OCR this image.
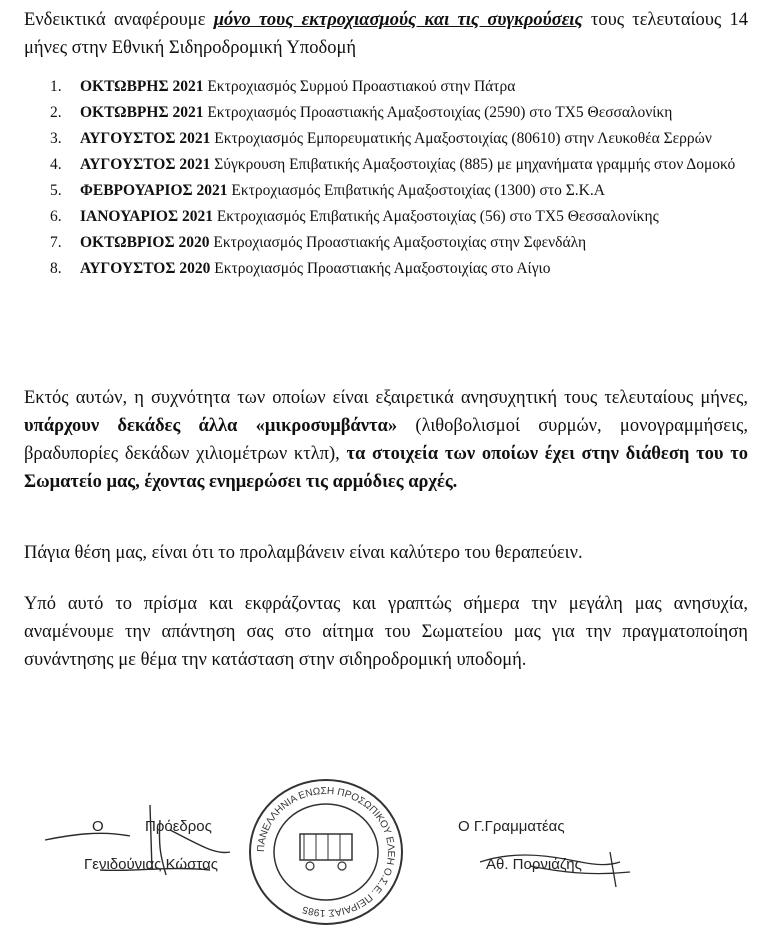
Ενδεικτικά αναφέρουμε μόνο τους εκτροχιασμούς και τις συγκρούσεις τους τελευταίους 14 μήνες στην Εθνική Σιδηροδρομική Υποδομή
1. ΟΚΤΩΒΡΗΣ 2021 Εκτροχιασμός Συρμού Προαστιακού στην Πάτρα
2. ΟΚΤΩΒΡΗΣ 2021 Εκτροχιασμός Προαστιακής Αμαξοστοιχίας (2590) στο ΤΧ5 Θεσσαλονίκη
3. ΑΥΓΟΥΣΤΟΣ 2021 Εκτροχιασμός Εμπορευματικής Αμαξοστοιχίας (80610) στην Λευκοθέα Σερρών
4. ΑΥΓΟΥΣΤΟΣ 2021 Σύγκρουση Επιβατικής Αμαξοστοιχίας (885) με μηχανήματα γραμμής στον Δομοκό
5. ΦΕΒΡΟΥΑΡΙΟΣ 2021 Εκτροχιασμός Επιβατικής Αμαξοστοιχίας (1300) στο Σ.Κ.Α
6. ΙΑΝΟΥΑΡΙΟΣ 2021 Εκτροχιασμός Επιβατικής Αμαξοστοιχίας (56) στο ΤΧ5 Θεσσαλονίκης
7. ΟΚΤΩΒΡΙΟΣ 2020 Εκτροχιασμός Προαστιακής Αμαξοστοιχίας στην Σφενδάλη
8. ΑΥΓΟΥΣΤΟΣ 2020 Εκτροχιασμός Προαστιακής Αμαξοστοιχίας στο Αίγιο
Εκτός αυτών, η συχνότητα των οποίων είναι εξαιρετικά ανησυχητική τους τελευταίους μήνες, υπάρχουν δεκάδες άλλα «μικροσυμβάντα» (λιθοβολισμοί συρμών, μονογραμμήσεις, βραδυπορίες δεκάδων χιλιομέτρων κτλπ), τα στοιχεία των οποίων έχει στην διάθεση του το Σωματείο μας, έχοντας ενημερώσει τις αρμόδιες αρχές.
Πάγια θέση μας, είναι ότι το προλαμβάνειν είναι καλύτερο του θεραπεύειν.
Υπό αυτό το πρίσμα και εκφράζοντας και γραπτώς σήμερα την μεγάλη μας ανησυχία, αναμένουμε την απάντηση σας στο αίτημα του Σωματείου μας για την πραγματοποίηση συνάντησης με θέμα την κατάσταση στην σιδηροδρομική υποδομή.
Ο	Πρόεδρος
Γενιδούνιας Κώστας
Ο Γ.Γραμματέας
Αθ. Πορνιάζης
ΠΑΝΕΛΛΗΝΙΑ ΕΝΩΣΗ ΠΡΟΣΩΠΙΚΟΥ ΕΛΕΗ Ο.Σ.Ε. ΠΕΙΡΑΙΑΣ 1985
